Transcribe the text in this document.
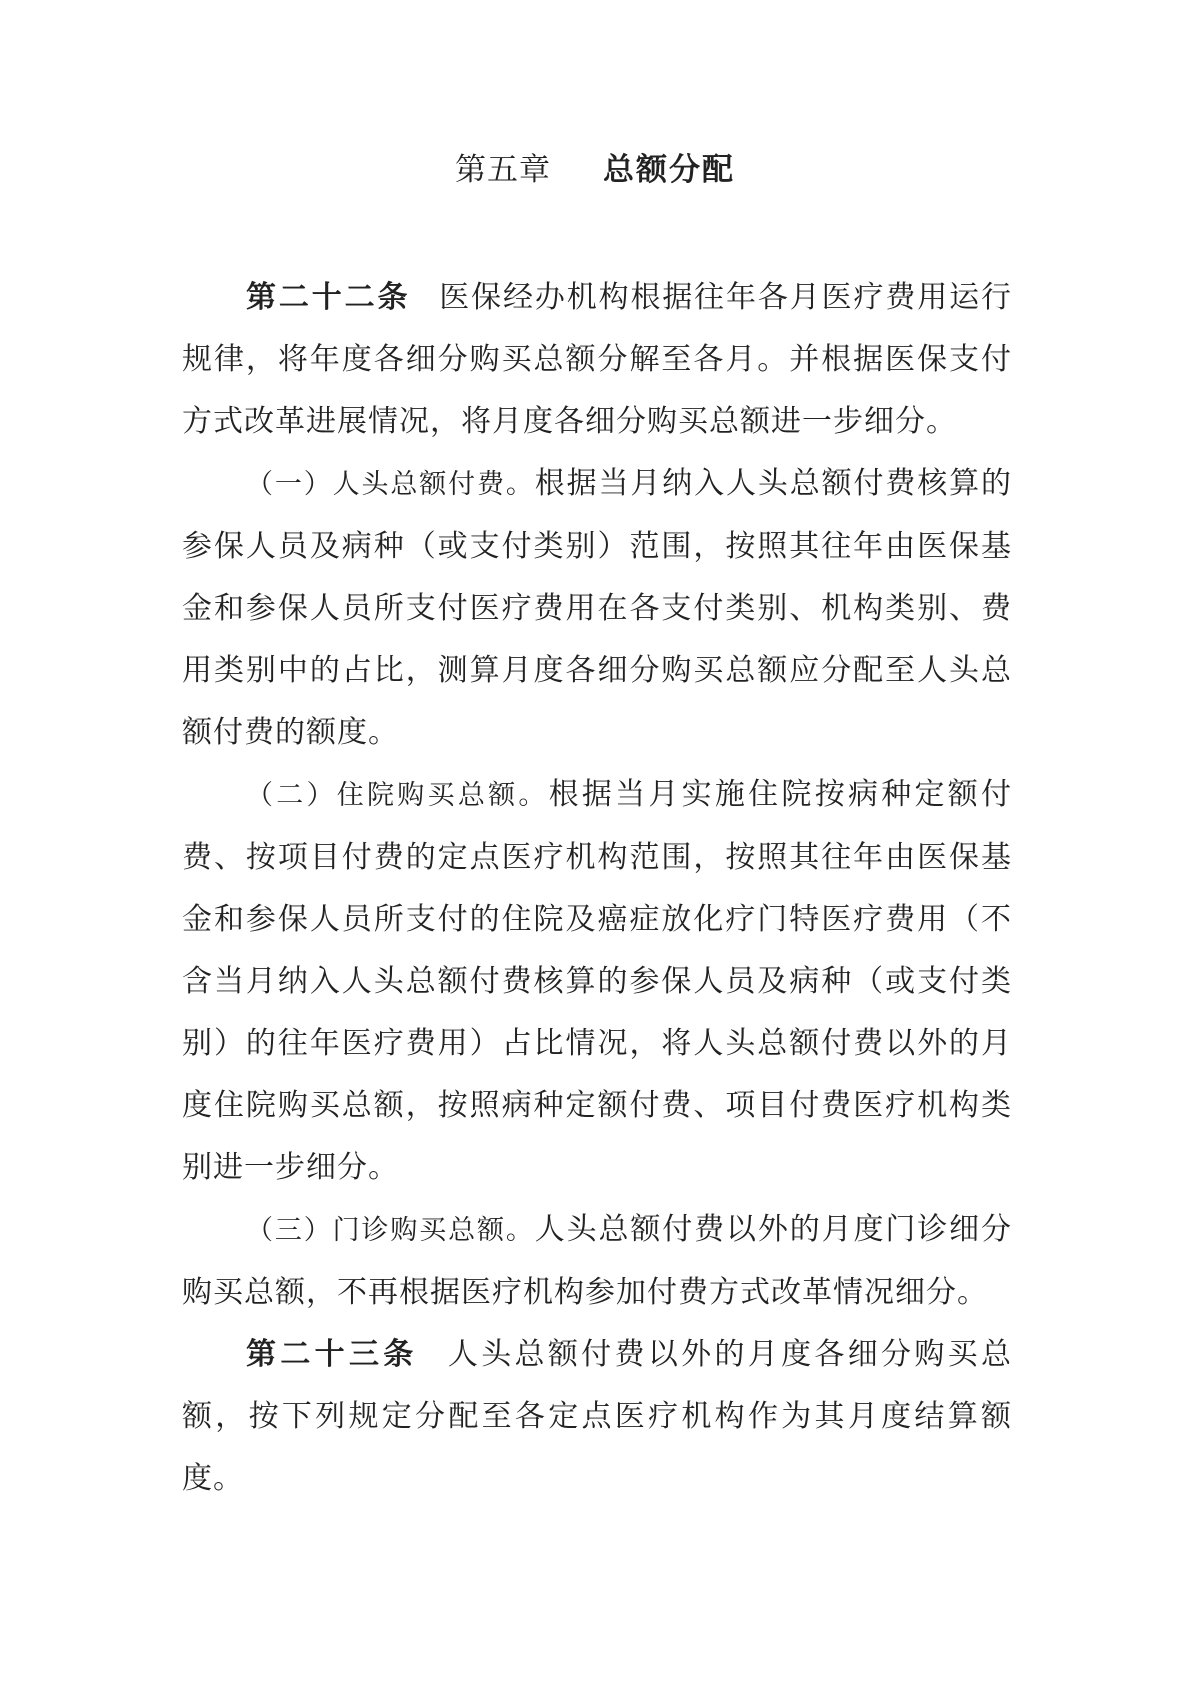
第五章 总额分配

第二十二条 医保经办机构根据往年各月医疗费用运行规律，将年度各细分购买总额分解至各月。并根据医保支付方式改革进展情况，将月度各细分购买总额进一步细分。

（一）人头总额付费。根据当月纳入人头总额付费核算的参保人员及病种（或支付类别）范围，按照其往年由医保基金和参保人员所支付医疗费用在各支付类别、机构类别、费用类别中的占比，测算月度各细分购买总额应分配至人头总额付费的额度。

（二）住院购买总额。根据当月实施住院按病种定额付费、按项目付费的定点医疗机构范围，按照其往年由医保基金和参保人员所支付的住院及癌症放化疗门特医疗费用（不含当月纳入人头总额付费核算的参保人员及病种（或支付类别）的往年医疗费用）占比情况，将人头总额付费以外的月度住院购买总额，按照病种定额付费、项目付费医疗机构类别进一步细分。

（三）门诊购买总额。人头总额付费以外的月度门诊细分购买总额，不再根据医疗机构参加付费方式改革情况细分。

第二十三条 人头总额付费以外的月度各细分购买总额，按下列规定分配至各定点医疗机构作为其月度结算额度。
